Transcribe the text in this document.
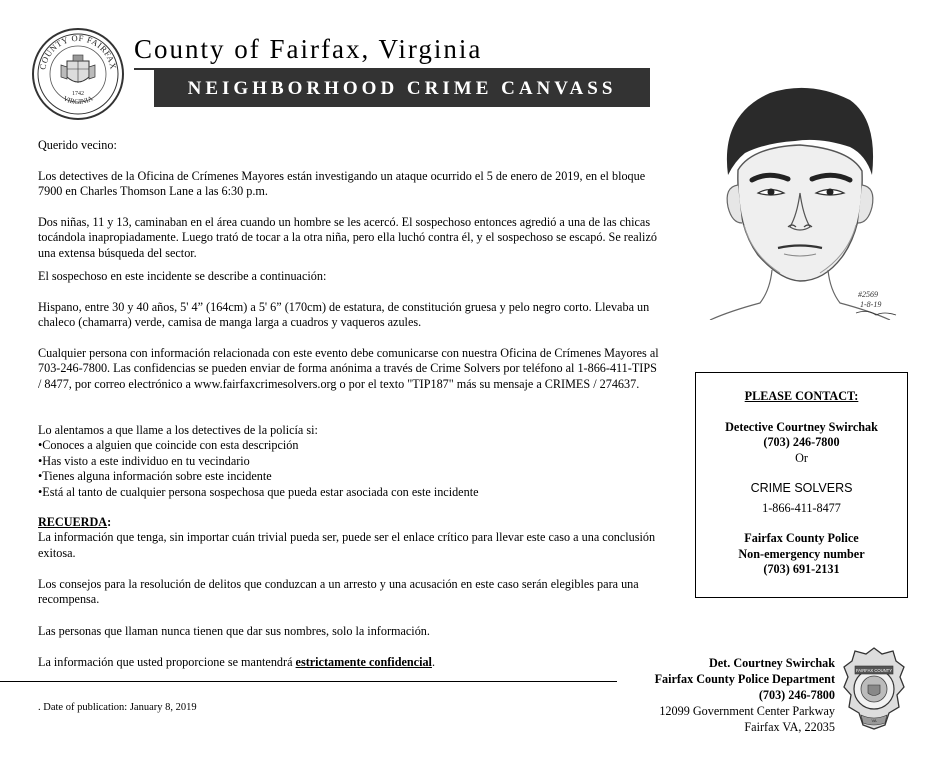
COUNTY OF FAIRFAX
VIRGINIA
1742
County of Fairfax, Virginia
NEIGHBORHOOD CRIME CANVASS

Querido vecino:

Los detectives de la Oficina de Crímenes Mayores están investigando un ataque ocurrido el 5 de enero de 2019, en el bloque 7900 en Charles Thomson Lane a las 6:30 p.m.

Dos niñas, 11 y 13, caminaban en el área cuando un hombre se les acercó. El sospechoso entonces agredió a una de las chicas tocándola inapropiadamente. Luego trató de tocar a la otra niña, pero ella luchó contra él, y el sospechoso se escapó. Se realizó una extensa búsqueda del sector.

El sospechoso en este incidente se describe a continuación:

Hispano, entre 30 y 40 años, 5' 4” (164cm) a 5' 6” (170cm) de estatura, de constitución gruesa y pelo negro corto. Llevaba un chaleco (chamarra) verde, camisa de manga larga a cuadros y vaqueros azules.

Cualquier persona con información relacionada con este evento debe comunicarse con nuestra Oficina de Crímenes Mayores al 703-246-7800. Las confidencias se pueden enviar de forma anónima a través de Crime Solvers por teléfono al 1-866-411-TIPS / 8477, por correo electrónico a www.fairfaxcrimesolvers.org o por el texto "TIP187" más su mensaje a CRIMES / 274637.

Lo alentamos a que llame a los detectives de la policía si:

• Conoces a alguien que coincide con esta descripción
• Has visto a este individuo en tu vecindario
• Tienes alguna información sobre este incidente
• Está al tanto de cualquier persona sospechosa que pueda estar asociada con este incidente

RECUERDA:

La información que tenga, sin importar cuán trivial pueda ser, puede ser el enlace crítico para llevar este caso a una conclusión exitosa.

Los consejos para la resolución de delitos que conduzcan a un arresto y una acusación en este caso serán elegibles para una recompensa.

Las personas que llaman nunca tienen que dar sus nombres, solo la información.

La información que usted proporcione se mantendrá estrictamente confidencial.

#2569
1-8-19
PLEASE CONTACT:
Detective Courtney Swirchak
(703) 246-7800
Or
CRIME SOLVERS
1-866-411-8477
Fairfax County Police
Non-emergency number
(703) 691-2131
. Date of publication: January 8, 2019
Det. Courtney Swirchak
Fairfax County Police Department
(703) 246-7800
12099 Government Center Parkway
Fairfax VA, 22035
FAIRFAX COUNTY
VA
